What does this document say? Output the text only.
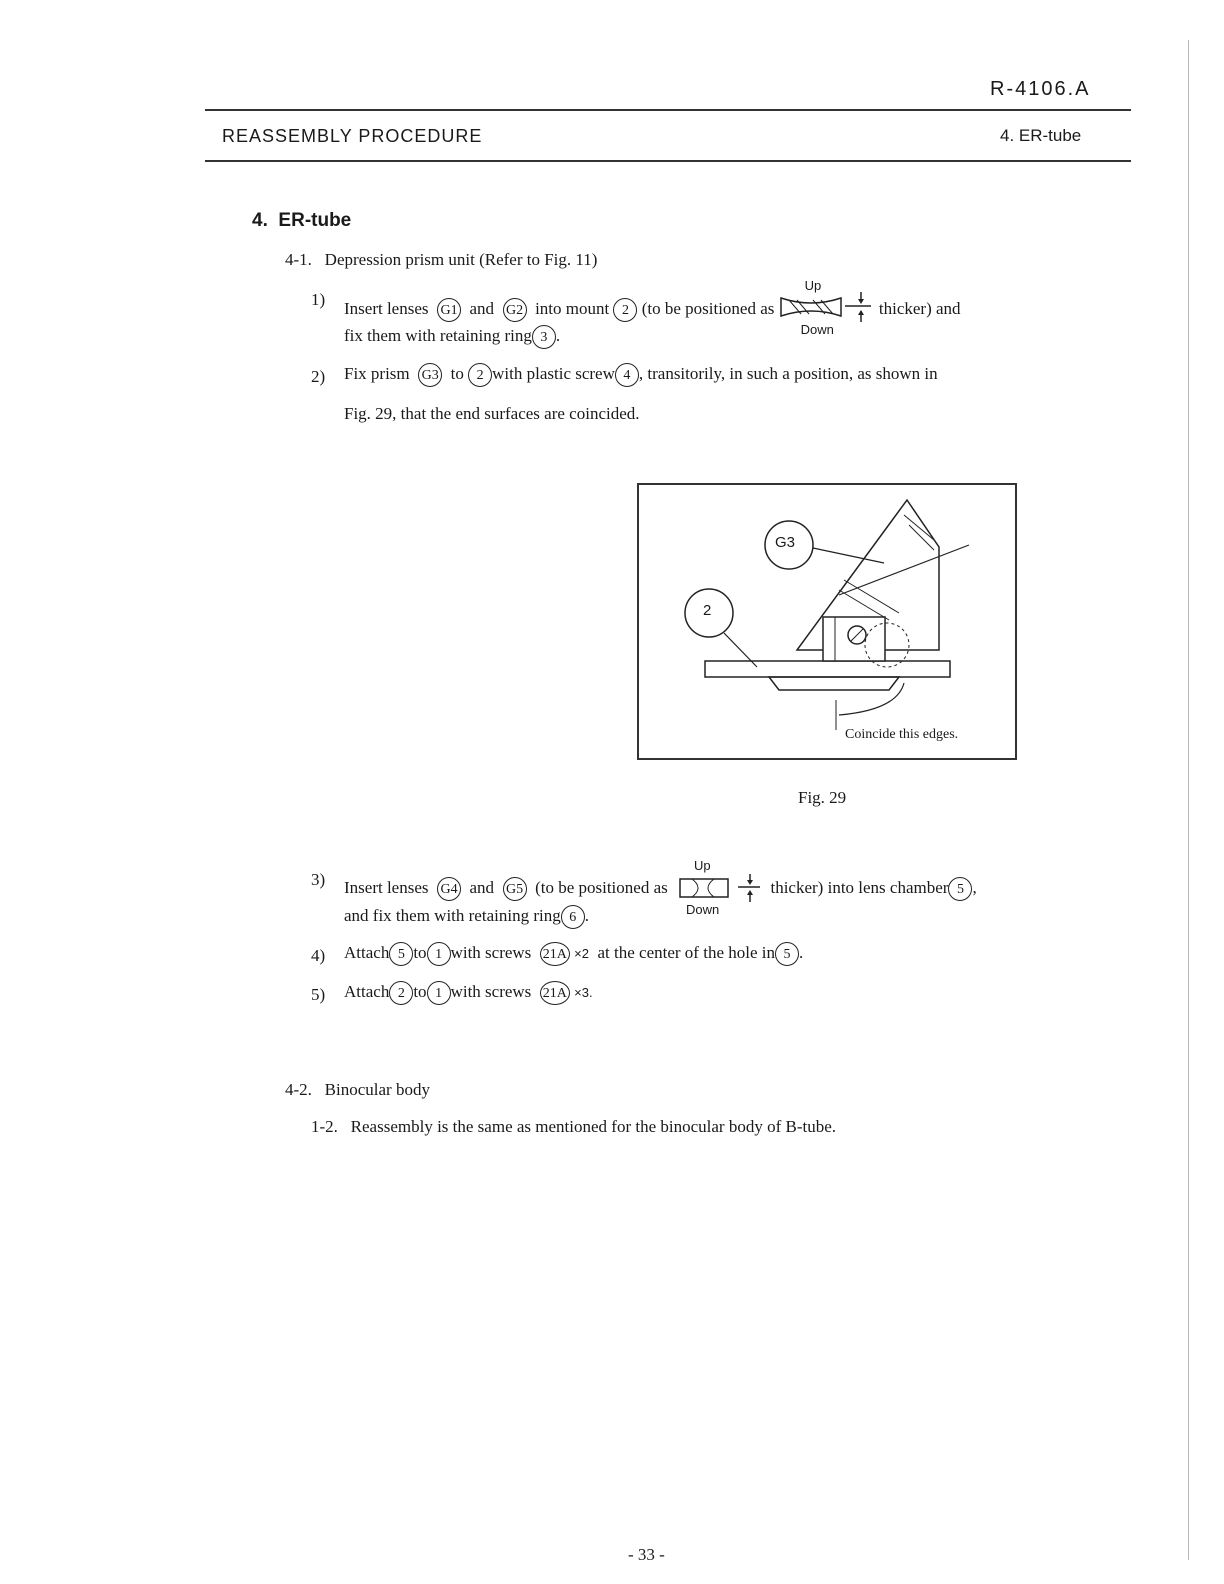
R-4106.A
REASSEMBLY PROCEDURE	4. ER-tube
4. ER-tube
4-1. Depression prism unit (Refer to Fig. 11)
1) Insert lenses G1 and G2 into mount 2 (to be positioned as
Up
Down
thicker) and
fix them with retaining ring 3 .
2) Fix prism G3 to 2 with plastic screw 4 , transitorily, in such a position, as shown in
Fig. 29, that the end surfaces are coincided.
G3
2
Coincide this edges.
Fig. 29
3) Insert lenses G4 and G5 (to be positioned as
Up
Down
thicker) into lens chamber 5 ,
and fix them with retaining ring 6 .
4) Attach 5 to 1 with screws 21A ×2 at the center of the hole in 5 .
5) Attach 2 to 1 with screws 21A ×3.
4-2. Binocular body
1-2. Reassembly is the same as mentioned for the binocular body of B-tube.
- 33 -
